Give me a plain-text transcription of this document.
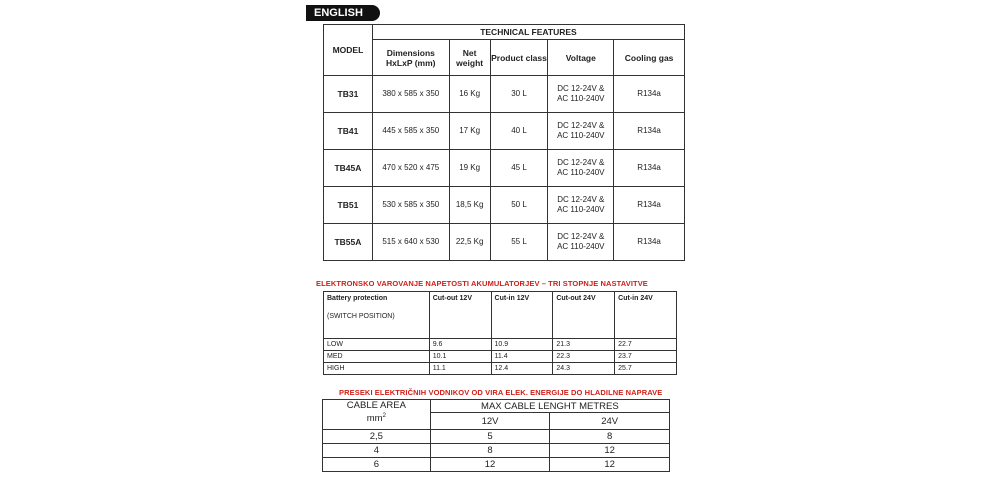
ENGLISH
MODEL	TECHNICAL FEATURES				
	Dimensions HxLxP (mm)	Net weight	Product class	Voltage	Cooling gas
TB31	380 x 585 x 350	16 Kg	30 L	DC 12-24V &
AC 110-240V	R134a
TB41	445 x 585 x 350	17 Kg	40 L	DC 12-24V &
AC 110-240V	R134a
TB45A	470 x 520 x 475	19 Kg	45 L	DC 12-24V &
AC 110-240V	R134a
TB51	530 x 585 x 350	18,5 Kg	50 L	DC 12-24V &
AC 110-240V	R134a
TB55A	515 x 640 x 530	22,5 Kg	55 L	DC 12-24V &
AC 110-240V	R134a
ELEKTRONSKO VAROVANJE NAPETOSTI AKUMULATORJEV – TRI STOPNJE NASTAVITVE
Battery protection
(SWITCH POSITION)	Cut-out 12V	Cut-in 12V	Cut-out 24V	Cut-in 24V
LOW	9.6	10.9	21.3	22.7
MED	10.1	11.4	22.3	23.7
HIGH	11.1	12.4	24.3	25.7
PRESEKI ELEKTRIČNIH VODNIKOV OD VIRA ELEK. ENERGIJE DO HLADILNE NAPRAVE
CABLE AREA
$mm^2$	MAX CABLE LENGHT METRES	
	12V	24V
2,5	5	8
4	8	12
6	12	12
